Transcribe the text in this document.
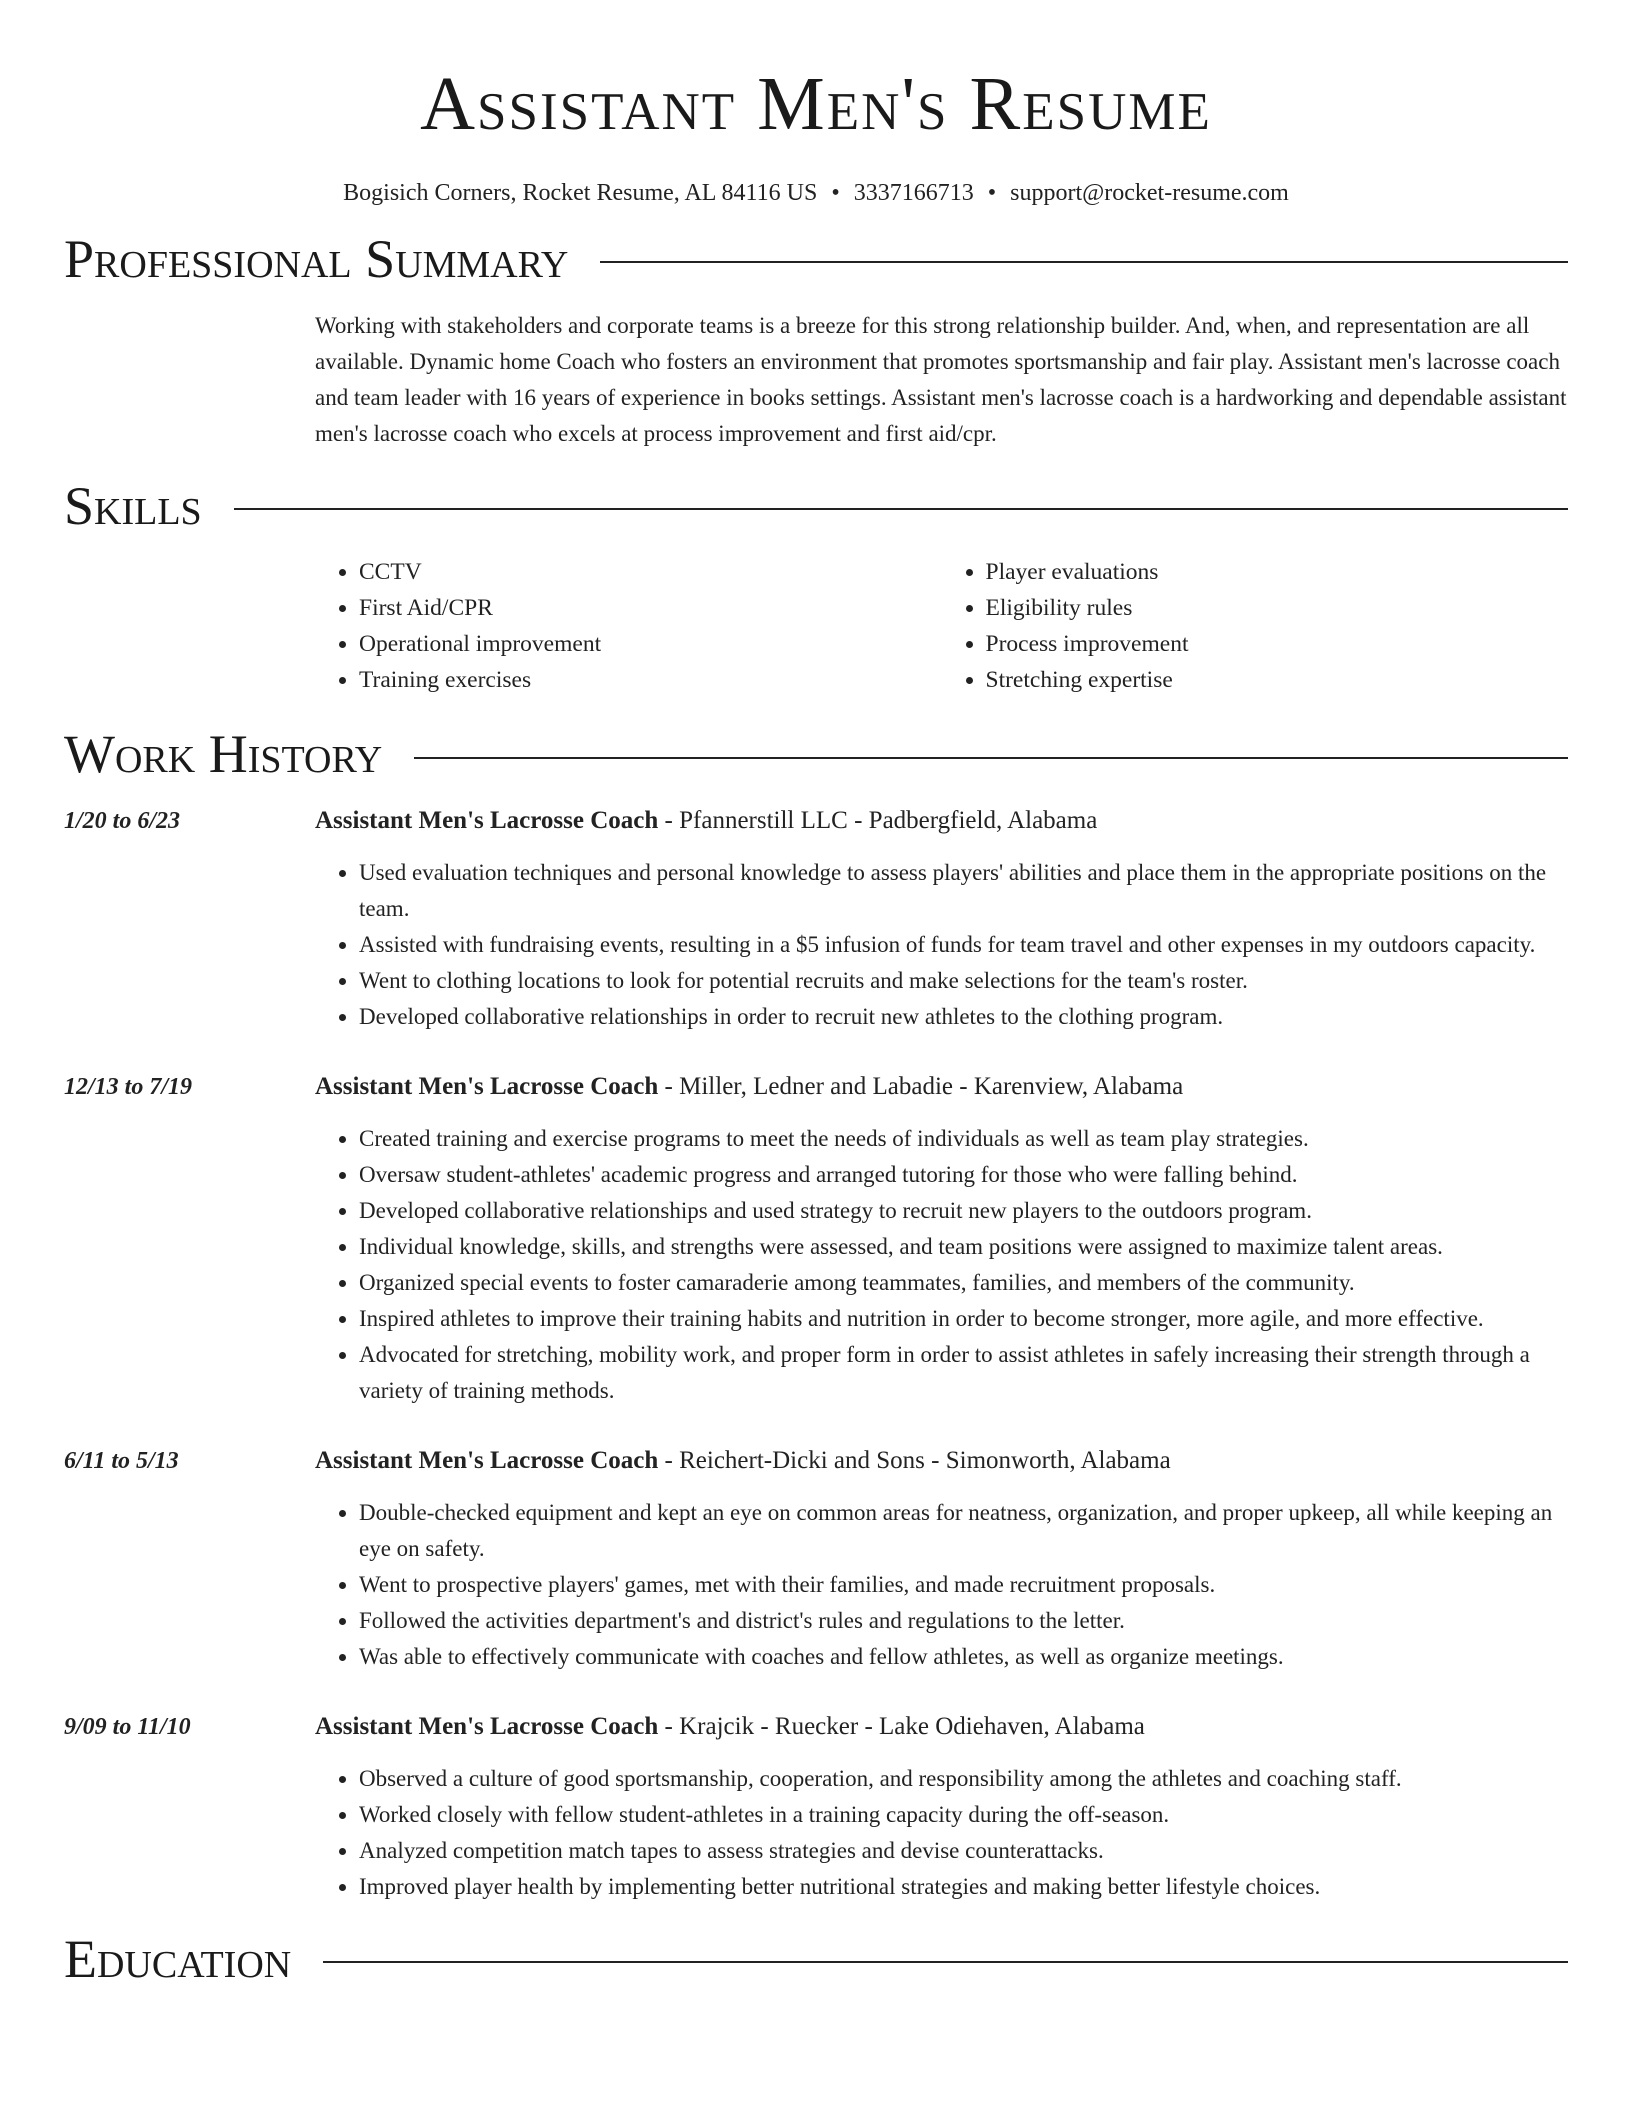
Assistant Men's Resume
Bogisich Corners, Rocket Resume, AL 84116 US • 3337166713 • support@rocket-resume.com
Professional Summary
Working with stakeholders and corporate teams is a breeze for this strong relationship builder. And, when, and representation are all available. Dynamic home Coach who fosters an environment that promotes sportsmanship and fair play. Assistant men's lacrosse coach and team leader with 16 years of experience in books settings. Assistant men's lacrosse coach is a hardworking and dependable assistant men's lacrosse coach who excels at process improvement and first aid/cpr.
Skills
• CCTV
• First Aid/CPR
• Operational improvement
• Training exercises
• Player evaluations
• Eligibility rules
• Process improvement
• Stretching expertise
Work History
1/20 to 6/23	Assistant Men's Lacrosse Coach - Pfannerstill LLC - Padbergfield, Alabama
• Used evaluation techniques and personal knowledge to assess players' abilities and place them in the appropriate positions on the team.
• Assisted with fundraising events, resulting in a $5 infusion of funds for team travel and other expenses in my outdoors capacity.
• Went to clothing locations to look for potential recruits and make selections for the team's roster.
• Developed collaborative relationships in order to recruit new athletes to the clothing program.
12/13 to 7/19	Assistant Men's Lacrosse Coach - Miller, Ledner and Labadie - Karenview, Alabama
• Created training and exercise programs to meet the needs of individuals as well as team play strategies.
• Oversaw student-athletes' academic progress and arranged tutoring for those who were falling behind.
• Developed collaborative relationships and used strategy to recruit new players to the outdoors program.
• Individual knowledge, skills, and strengths were assessed, and team positions were assigned to maximize talent areas.
• Organized special events to foster camaraderie among teammates, families, and members of the community.
• Inspired athletes to improve their training habits and nutrition in order to become stronger, more agile, and more effective.
• Advocated for stretching, mobility work, and proper form in order to assist athletes in safely increasing their strength through a variety of training methods.
6/11 to 5/13	Assistant Men's Lacrosse Coach - Reichert-Dicki and Sons - Simonworth, Alabama
• Double-checked equipment and kept an eye on common areas for neatness, organization, and proper upkeep, all while keeping an eye on safety.
• Went to prospective players' games, met with their families, and made recruitment proposals.
• Followed the activities department's and district's rules and regulations to the letter.
• Was able to effectively communicate with coaches and fellow athletes, as well as organize meetings.
9/09 to 11/10	Assistant Men's Lacrosse Coach - Krajcik - Ruecker - Lake Odiehaven, Alabama
• Observed a culture of good sportsmanship, cooperation, and responsibility among the athletes and coaching staff.
• Worked closely with fellow student-athletes in a training capacity during the off-season.
• Analyzed competition match tapes to assess strategies and devise counterattacks.
• Improved player health by implementing better nutritional strategies and making better lifestyle choices.
Education
